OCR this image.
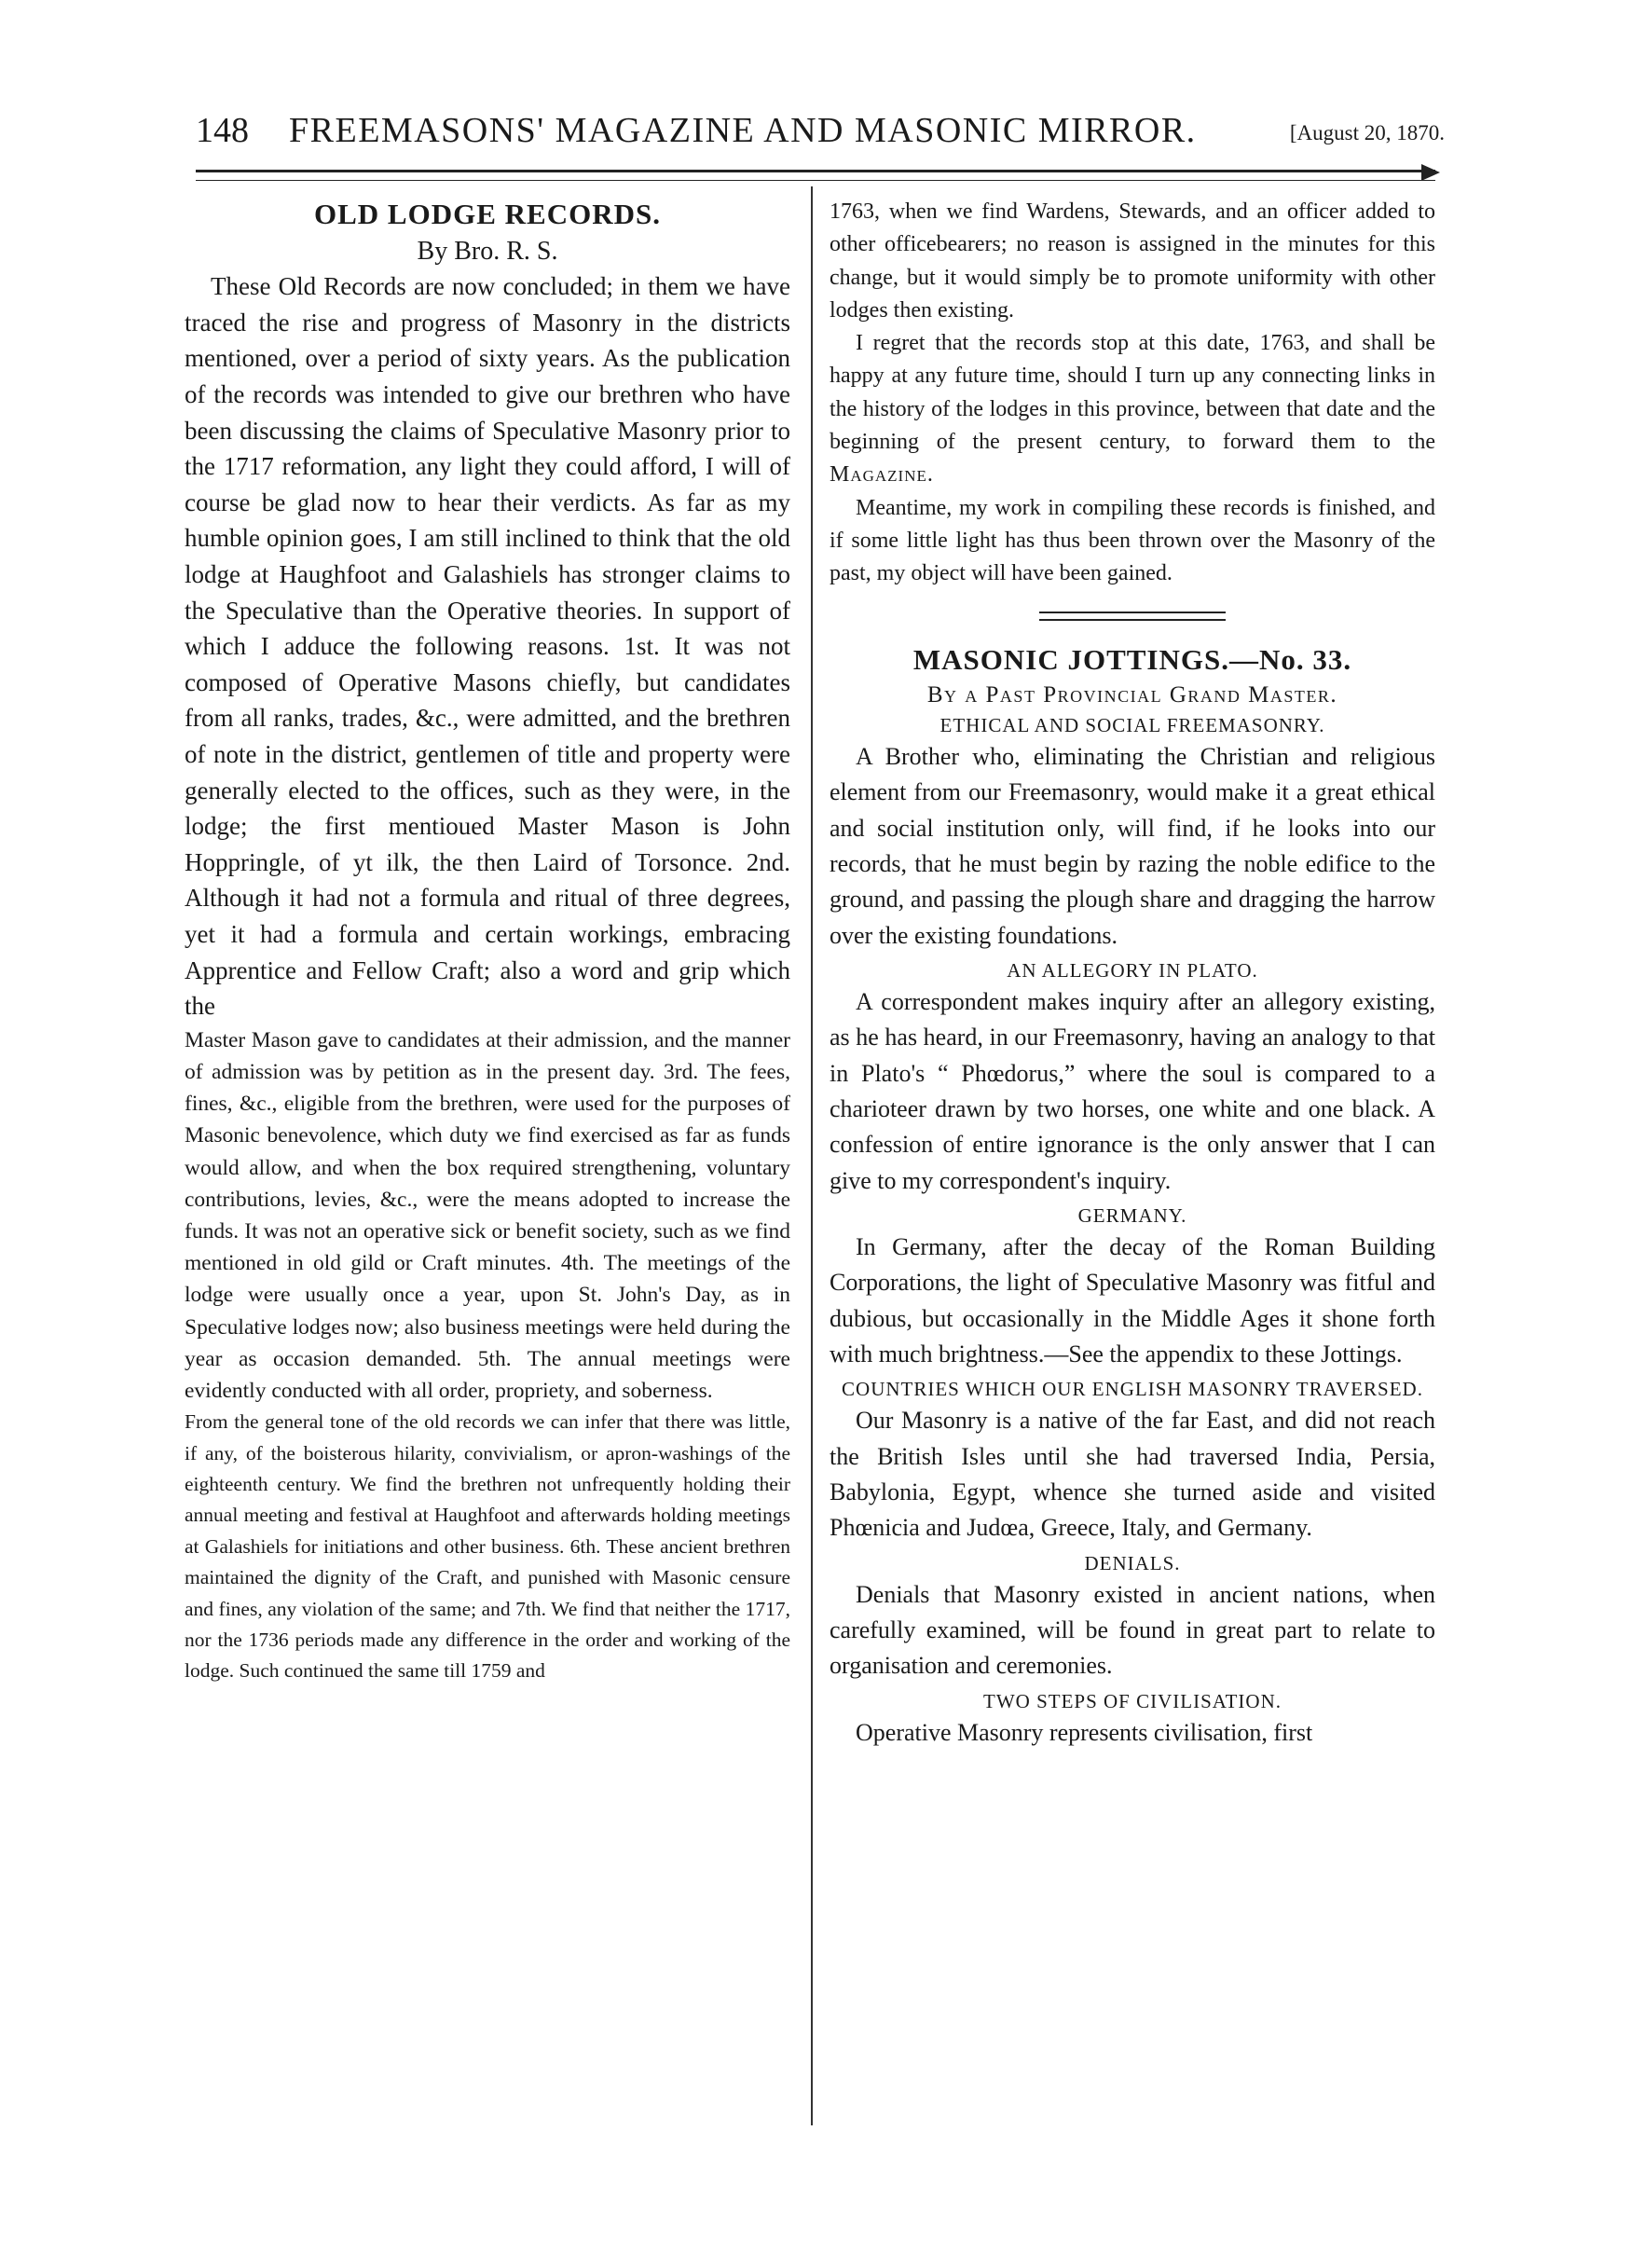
148 FREEMASONS' MAGAZINE AND MASONIC MIRROR.	[August 20, 1870.
OLD LODGE RECORDS.
By Bro. R. S.

These Old Records are now concluded; in them we have traced the rise and progress of Masonry in the districts mentioned, over a period of sixty years. As the publication of the records was intended to give our brethren who have been discussing the claims of Speculative Masonry prior to the 1717 reformation, any light they could afford, I will of course be glad now to hear their verdicts. As far as my humble opinion goes, I am still inclined to think that the old lodge at Haughfoot and Galashiels has stronger claims to the Speculative than the Operative theories. In support of which I adduce the following reasons. 1st. It was not composed of Operative Masons chiefly, but candidates from all ranks, trades, &c., were admitted, and the brethren of note in the district, gentlemen of title and property were generally elected to the offices, such as they were, in the lodge; the first mentioued Master Mason is John Hoppringle, of yt ilk, the then Laird of Torsonce. 2nd. Although it had not a formula and ritual of three degrees, yet it had a formula and certain workings, embracing Apprentice and Fellow Craft; also a word and grip which the

Master Mason gave to candidates at their admission, and the manner of admission was by petition as in the present day. 3rd. The fees, fines, &c., eligible from the brethren, were used for the purposes of Masonic benevolence, which duty we find exercised as far as funds would allow, and when the box required strengthening, voluntary contributions, levies, &c., were the means adopted to increase the funds. It was not an operative sick or benefit society, such as we find mentioned in old gild or Craft minutes. 4th. The meetings of the lodge were usually once a year, upon St. John's Day, as in Speculative lodges now; also business meetings were held during the year as occasion demanded. 5th. The annual meetings were evidently conducted with all order, propriety, and soberness.

From the general tone of the old records we can infer that there was little, if any, of the boisterous hilarity, convivialism, or apron-washings of the eighteenth century. We find the brethren not unfrequently holding their annual meeting and festival at Haughfoot and afterwards holding meetings at Galashiels for initiations and other business. 6th. These ancient brethren maintained the dignity of the Craft, and punished with Masonic censure and fines, any violation of the same; and 7th. We find that neither the 1717, nor the 1736 periods made any difference in the order and working of the lodge. Such continued the same till 1759 and

1763, when we find Wardens, Stewards, and an officer added to other officebearers; no reason is assigned in the minutes for this change, but it would simply be to promote uniformity with other lodges then existing.

I regret that the records stop at this date, 1763, and shall be happy at any future time, should I turn up any connecting links in the history of the lodges in this province, between that date and the beginning of the present century, to forward them to the Magazine.

Meantime, my work in compiling these records is finished, and if some little light has thus been thrown over the Masonry of the past, my object will have been gained.

MASONIC JOTTINGS.—No. 33.
By a Past Provincial Grand Master.
ETHICAL AND SOCIAL FREEMASONRY.

A Brother who, eliminating the Christian and religious element from our Freemasonry, would make it a great ethical and social institution only, will find, if he looks into our records, that he must begin by razing the noble edifice to the ground, and passing the plough share and dragging the harrow over the existing foundations.

AN ALLEGORY IN PLATO.

A correspondent makes inquiry after an allegory existing, as he has heard, in our Freemasonry, having an analogy to that in Plato's “ Phœdorus,” where the soul is compared to a charioteer drawn by two horses, one white and one black. A confession of entire ignorance is the only answer that I can give to my correspondent's inquiry.

GERMANY.

In Germany, after the decay of the Roman Building Corporations, the light of Speculative Masonry was fitful and dubious, but occasionally in the Middle Ages it shone forth with much brightness.—See the appendix to these Jottings.

COUNTRIES WHICH OUR ENGLISH MASONRY TRAVERSED.

Our Masonry is a native of the far East, and did not reach the British Isles until she had traversed India, Persia, Babylonia, Egypt, whence she turned aside and visited Phœnicia and Judœa, Greece, Italy, and Germany.

DENIALS.

Denials that Masonry existed in ancient nations, when carefully examined, will be found in great part to relate to organisation and ceremonies.

TWO STEPS OF CIVILISATION.

Operative Masonry represents civilisation, first
